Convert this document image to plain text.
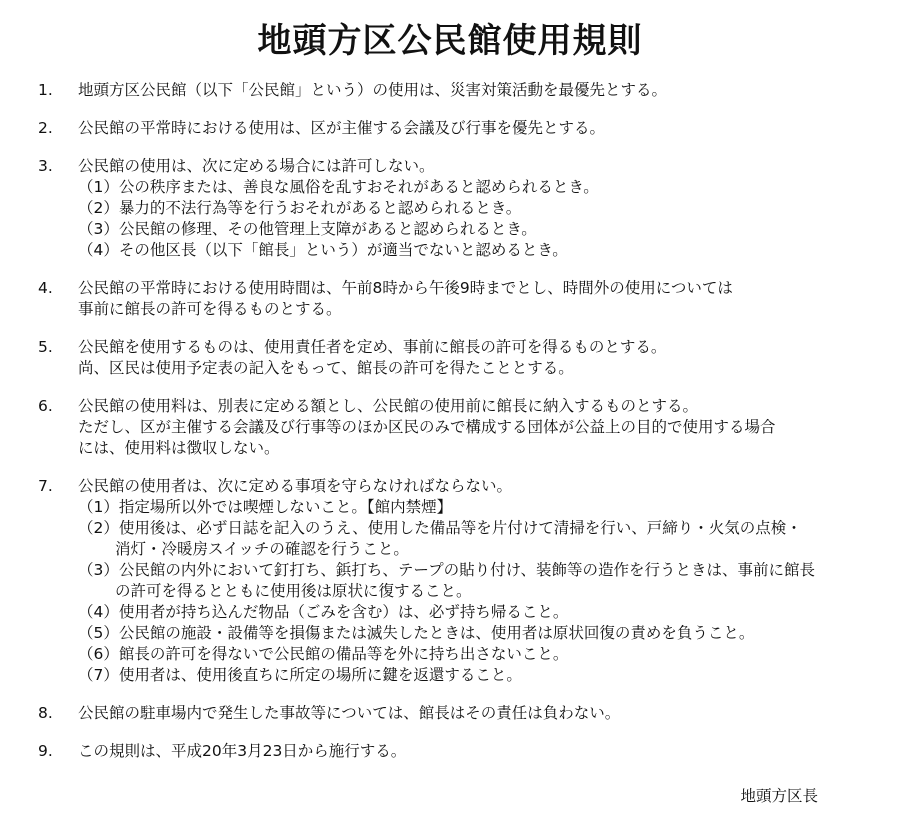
地頭方区公民館使用規則
1.	地頭方区公民館（以下「公民館」という）の使用は、災害対策活動を最優先とする。
2.	公民館の平常時における使用は、区が主催する会議及び行事を優先とする。
3.	公民館の使用は、次に定める場合には許可しない。
（1）公の秩序または、善良な風俗を乱すおそれがあると認められるとき。
（2）暴力的不法行為等を行うおそれがあると認められるとき。
（3）公民館の修理、その他管理上支障があると認められるとき。
（4）その他区長（以下「館長」という）が適当でないと認めるとき。
4.	公民館の平常時における使用時間は、午前8時から午後9時までとし、時間外の使用については
事前に館長の許可を得るものとする。
5.	公民館を使用するものは、使用責任者を定め、事前に館長の許可を得るものとする。
尚、区民は使用予定表の記入をもって、館長の許可を得たこととする。
6.	公民館の使用料は、別表に定める額とし、公民館の使用前に館長に納入するものとする。
ただし、区が主催する会議及び行事等のほか区民のみで構成する団体が公益上の目的で使用する場合
には、使用料は徴収しない。
7.	公民館の使用者は、次に定める事項を守らなければならない。
（1）指定場所以外では喫煙しないこと。【館内禁煙】
（2）使用後は、必ず日誌を記入のうえ、使用した備品等を片付けて清掃を行い、戸締り・火気の点検・
消灯・冷暖房スイッチの確認を行うこと。
（3）公民館の内外において釘打ち、鋲打ち、テープの貼り付け、装飾等の造作を行うときは、事前に館長
の許可を得るとともに使用後は原状に復すること。
（4）使用者が持ち込んだ物品（ごみを含む）は、必ず持ち帰ること。
（5）公民館の施設・設備等を損傷または滅失したときは、使用者は原状回復の責めを負うこと。
（6）館長の許可を得ないで公民館の備品等を外に持ち出さないこと。
（7）使用者は、使用後直ちに所定の場所に鍵を返還すること。
8.	公民館の駐車場内で発生した事故等については、館長はその責任は負わない。
9.	この規則は、平成20年3月23日から施行する。
地頭方区長
